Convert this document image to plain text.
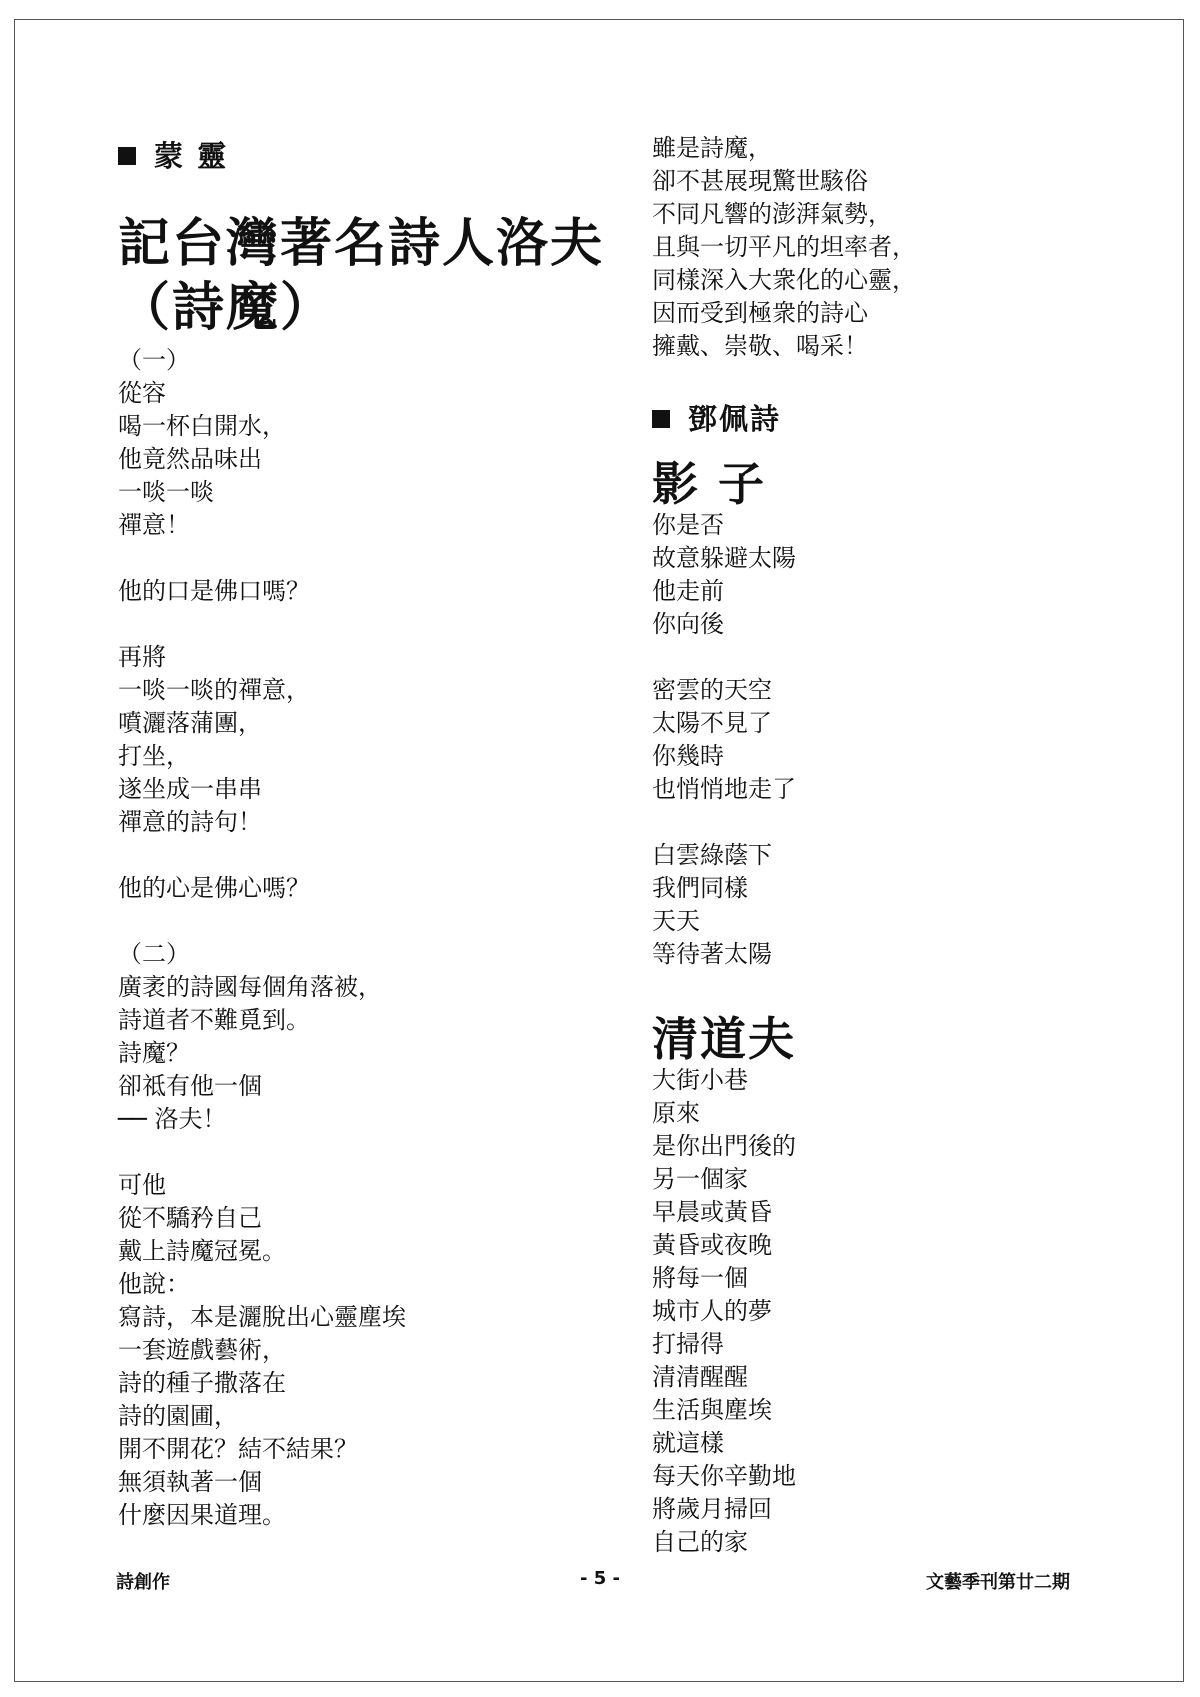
蒙 靈
記台灣著名詩人洛夫
（詩魔）
（一）
從容
喝一杯白開水，
他竟然品味出
一啖一啖
禪意！
他的口是佛口嗎？
再將
一啖一啖的禪意，
噴灑落蒲團，
打坐，
遂坐成一串串
禪意的詩句！
他的心是佛心嗎？
（二）
廣袤的詩國每個角落被，
詩道者不難覓到。
詩魔？
卻祗有他一個
── 洛夫！
可他
從不驕矜自己
戴上詩魔冠冕。
他說：
寫詩，本是灑脫出心靈塵埃
一套遊戲藝術，
詩的種子撒落在
詩的園圃，
開不開花？結不結果？
無須執著一個
什麼因果道理。
雖是詩魔，
卻不甚展現驚世駭俗
不同凡響的澎湃氣勢，
且與一切平凡的坦率者，
同樣深入大衆化的心靈，
因而受到極衆的詩心
擁戴、崇敬、喝采！
鄧佩詩
影 子
你是否
故意躲避太陽
他走前
你向後
密雲的天空
太陽不見了
你幾時
也悄悄地走了
白雲綠蔭下
我們同樣
天天
等待著太陽
清道夫
大街小巷
原來
是你出門後的
另一個家
早晨或黃昏
黃昏或夜晚
將每一個
城市人的夢
打掃得
清清醒醒
生活與塵埃
就這樣
每天你辛勤地
將歲月掃回
自己的家
詩創作	- 5 -	文藝季刊第廿二期
